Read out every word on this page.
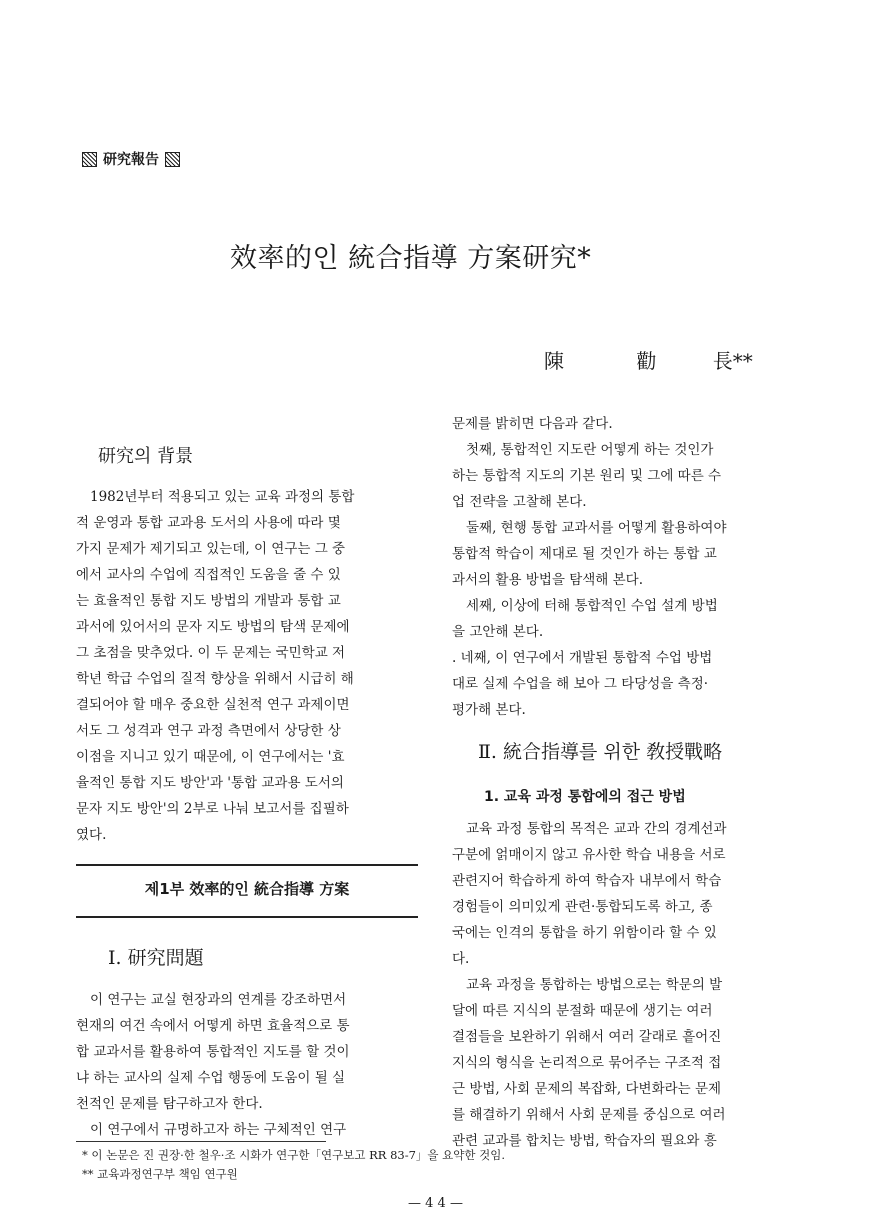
研究報告
效率的인 統合指導 方案研究*
陳	勸	長**
研究의 背景

1982년부터 적용되고 있는 교육 과정의 통합

적 운영과 통합 교과용 도서의 사용에 따라 몇

가지 문제가 제기되고 있는데, 이 연구는 그 중

에서 교사의 수업에 직접적인 도움을 줄 수 있

는 효율적인 통합 지도 방법의 개발과 통합 교

과서에 있어서의 문자 지도 방법의 탐색 문제에

그 초점을 맞추었다. 이 두 문제는 국민학교 저

학년 학급 수업의 질적 향상을 위해서 시급히 해

결되어야 할 매우 중요한 실천적 연구 과제이면

서도 그 성격과 연구 과정 측면에서 상당한 상

이점을 지니고 있기 때문에, 이 연구에서는 '효

율적인 통합 지도 방안'과 '통합 교과용 도서의

문자 지도 방안'의 2부로 나눠 보고서를 집필하

였다.

제1부 效率的인 統合指導 方案
Ⅰ. 研究問題

이 연구는 교실 현장과의 연계를 강조하면서

현재의 여건 속에서 어떻게 하면 효율적으로 통

합 교과서를 활용하여 통합적인 지도를 할 것이

냐 하는 교사의 실제 수업 행동에 도움이 될 실

천적인 문제를 탐구하고자 한다.

이 연구에서 규명하고자 하는 구체적인 연구

문제를 밝히면 다음과 같다.

첫째, 통합적인 지도란 어떻게 하는 것인가

하는 통합적 지도의 기본 원리 및 그에 따른 수

업 전략을 고찰해 본다.

둘째, 현행 통합 교과서를 어떻게 활용하여야

통합적 학습이 제대로 될 것인가 하는 통합 교

과서의 활용 방법을 탐색해 본다.

세째, 이상에 터해 통합적인 수업 설계 방법

을 고안해 본다.

. 네째, 이 연구에서 개발된 통합적 수업 방법

대로 실제 수업을 해 보아 그 타당성을 측정·

평가해 본다.

Ⅱ. 統合指導를 위한 敎授戰略
1. 교육 과정 통합에의 접근 방법

교육 과정 통합의 목적은 교과 간의 경계선과

구분에 얽매이지 않고 유사한 학습 내용을 서로

관련지어 학습하게 하여 학습자 내부에서 학습

경험들이 의미있게 관련·통합되도록 하고, 종

국에는 인격의 통합을 하기 위함이라 할 수 있

다.

교육 과정을 통합하는 방법으로는 학문의 발

달에 따른 지식의 분절화 때문에 생기는 여러

결점들을 보완하기 위해서 여러 갈래로 흩어진

지식의 형식을 논리적으로 묶어주는 구조적 접

근 방법, 사회 문제의 복잡화, 다변화라는 문제

를 해결하기 위해서 사회 문제를 중심으로 여러

관련 교과를 합치는 방법, 학습자의 필요와 흥

* 이 논문은 진 권장·한 철우·조 시화가 연구한「연구보고 RR 83-7」을 요약한 것임.
** 교육과정연구부 책임 연구원
— 4 4 —
